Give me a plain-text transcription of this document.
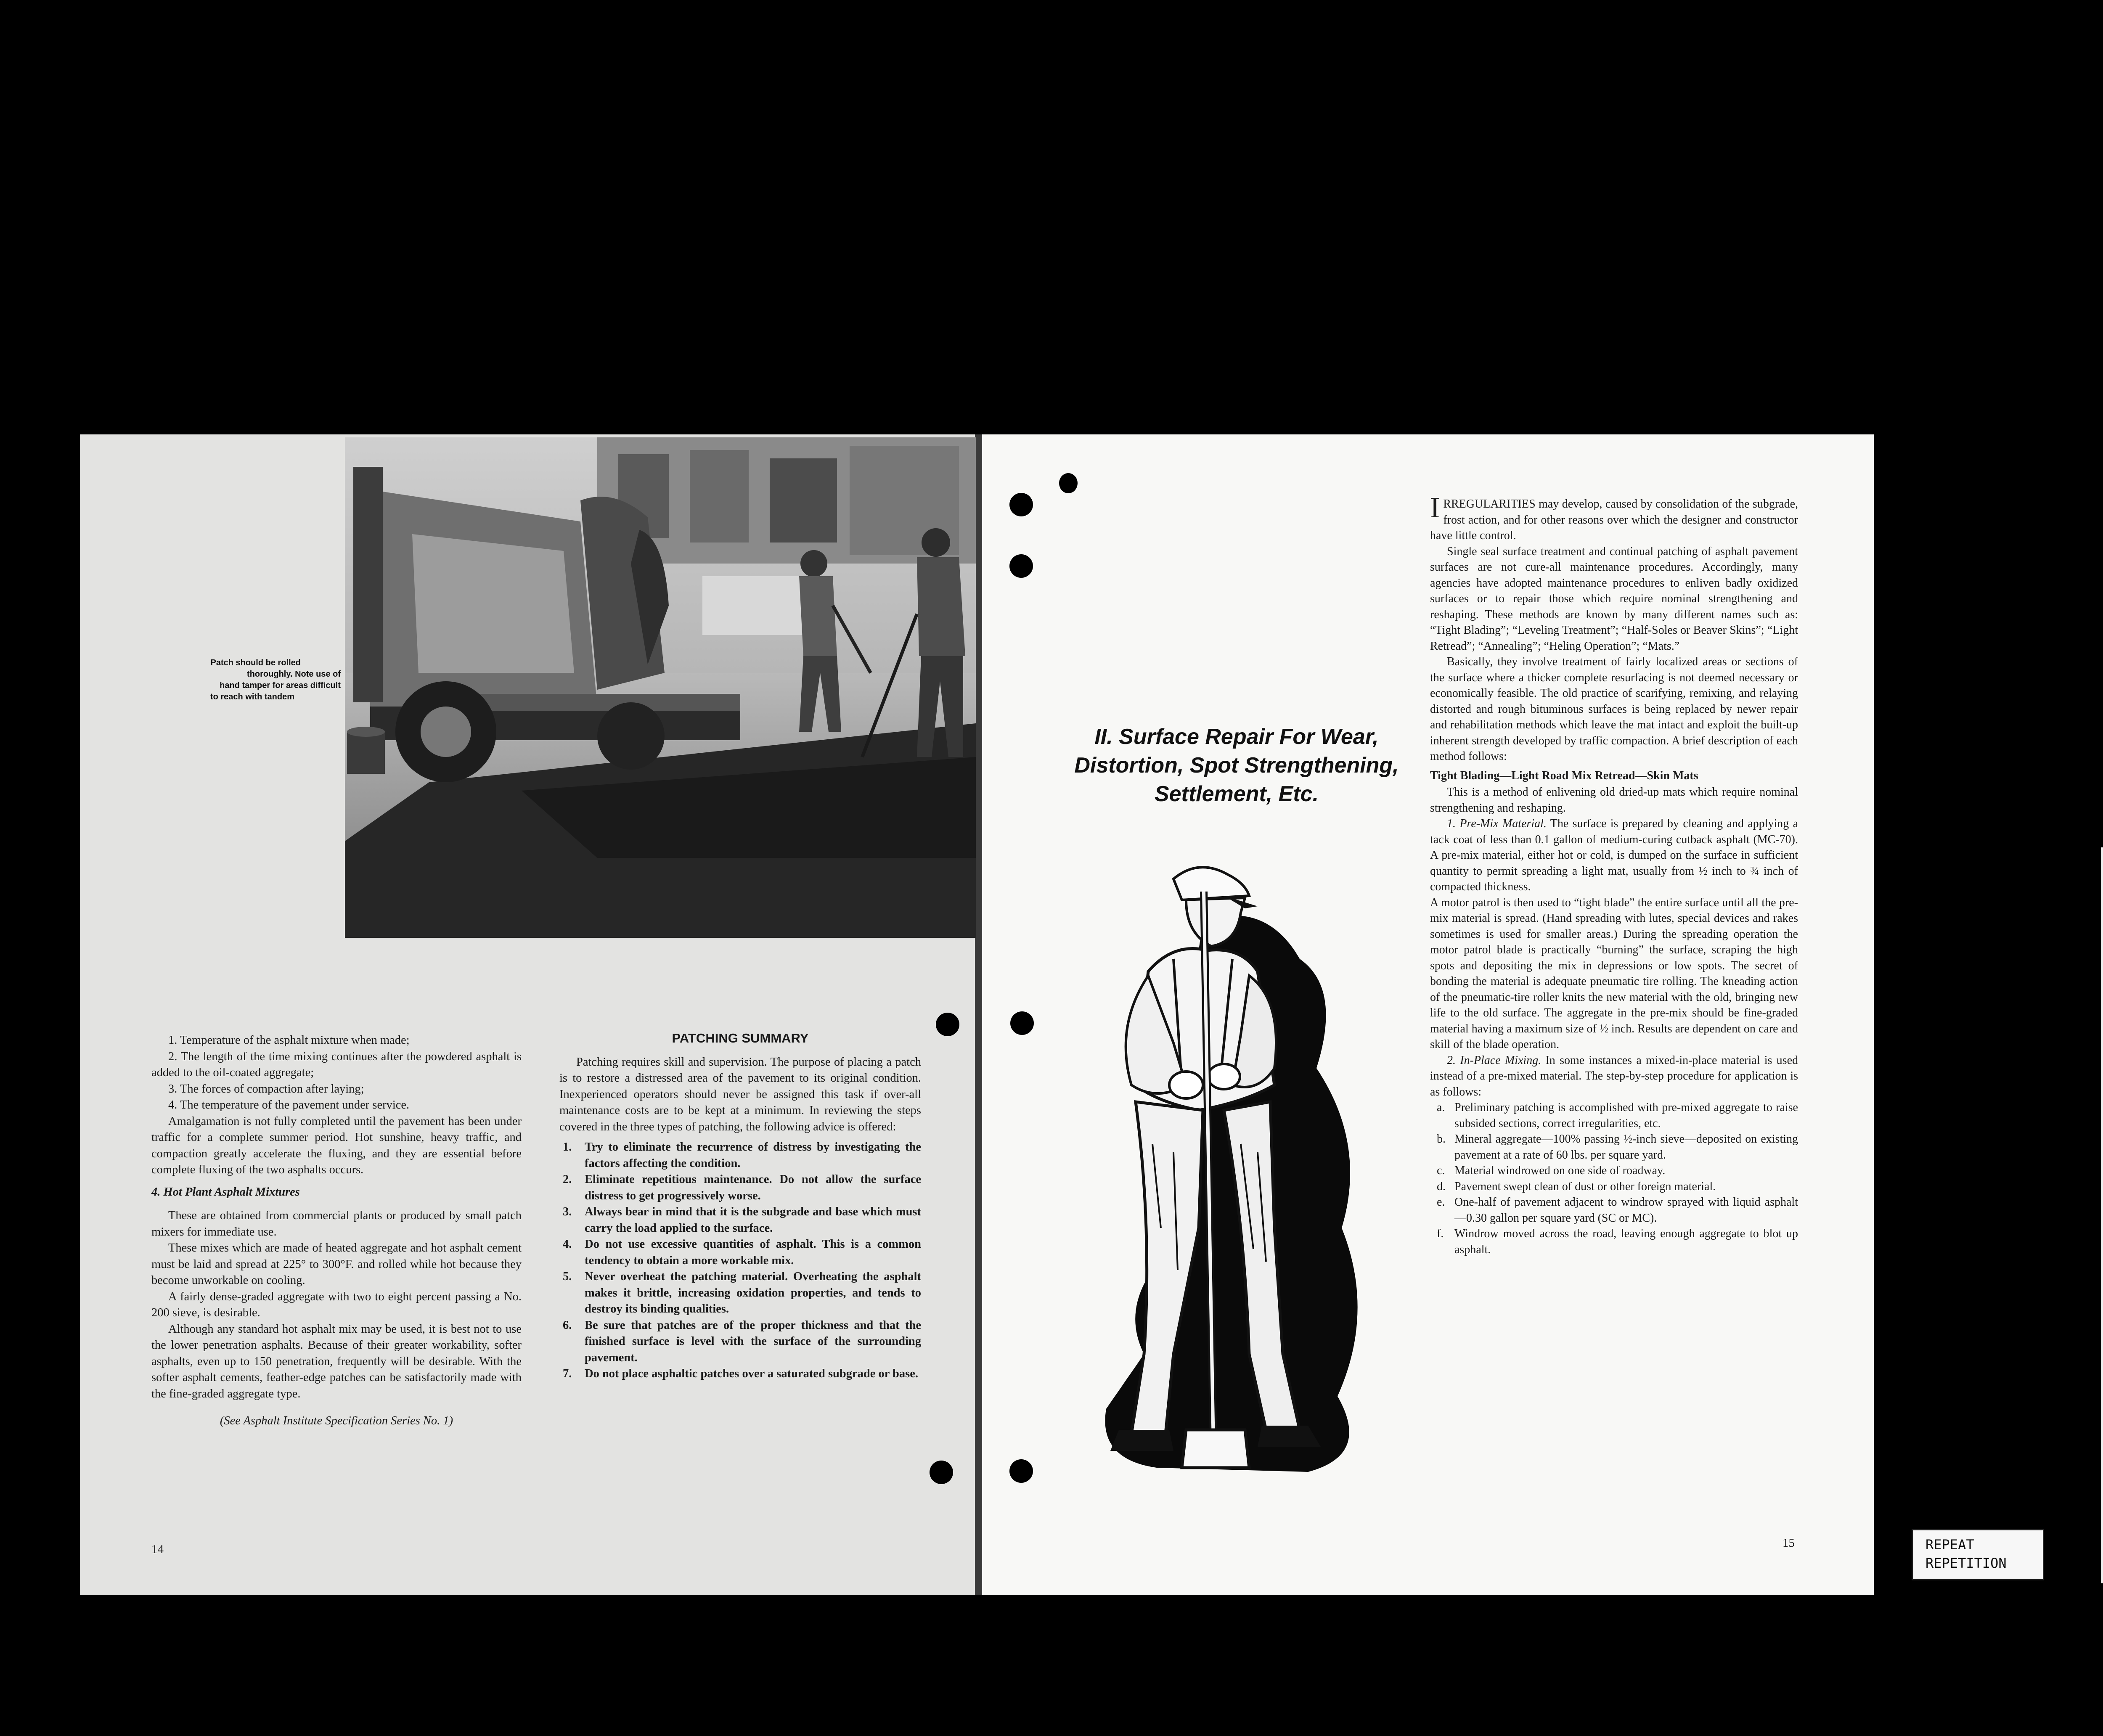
Patch should be rolled
thoroughly. Note use of
hand tamper for areas difficult
to reach with tandem

1. Temperature of the asphalt mixture when made;

2. The length of the time mixing continues after the powdered asphalt is added to the oil-coated aggregate;

3. The forces of compaction after laying;

4. The temperature of the pavement under service.

Amalgamation is not fully completed until the pavement has been under traffic for a complete summer period. Hot sunshine, heavy traffic, and compaction greatly accelerate the fluxing, and they are essential before complete fluxing of the two asphalts occurs.

4. Hot Plant Asphalt Mixtures

These are obtained from commercial plants or produced by small patch mixers for immediate use.

These mixes which are made of heated aggregate and hot asphalt cement must be laid and spread at 225° to 300°F. and rolled while hot because they become unworkable on cooling.

A fairly dense-graded aggregate with two to eight percent passing a No. 200 sieve, is desirable.

Although any standard hot asphalt mix may be used, it is best not to use the lower penetration asphalts. Because of their greater workability, softer asphalts, even up to 150 penetration, frequently will be desirable. With the softer asphalt cements, feather-edge patches can be satisfactorily made with the fine-graded aggregate type.

(See Asphalt Institute Specification Series No. 1)

PATCHING SUMMARY

Patching requires skill and supervision. The purpose of placing a patch is to restore a distressed area of the pavement to its original condition. Inexperienced operators should never be assigned this task if over-all maintenance costs are to be kept at a minimum. In reviewing the steps covered in the three types of patching, the following advice is offered:

1. Try to eliminate the recurrence of distress by investigating the factors affecting the condition.
2. Eliminate repetitious maintenance. Do not allow the surface distress to get progressively worse.
3. Always bear in mind that it is the subgrade and base which must carry the load applied to the surface.
4. Do not use excessive quantities of asphalt. This is a common tendency to obtain a more workable mix.
5. Never overheat the patching material. Overheating the asphalt makes it brittle, increasing oxidation properties, and tends to destroy its binding qualities.
6. Be sure that patches are of the proper thickness and that the finished surface is level with the surface of the surrounding pavement.
7. Do not place asphaltic patches over a saturated subgrade or base.
14
II. Surface Repair For Wear,
Distortion, Spot Strengthening,
Settlement, Etc.

IRREGULARITIES may develop, caused by consolidation of the subgrade, frost action, and for other reasons over which the designer and constructor have little control.

Single seal surface treatment and continual patching of asphalt pavement surfaces are not cure-all maintenance procedures. Accordingly, many agencies have adopted maintenance procedures to enliven badly oxidized surfaces or to repair those which require nominal strengthening and reshaping. These methods are known by many different names such as: “Tight Blading”; “Leveling Treatment”; “Half-Soles or Beaver Skins”; “Light Retread”; “Annealing”; “Heling Operation”; “Mats.”

Basically, they involve treatment of fairly localized areas or sections of the surface where a thicker complete resurfacing is not deemed necessary or economically feasible. The old practice of scarifying, remixing, and relaying distorted and rough bituminous surfaces is being replaced by newer repair and rehabilitation methods which leave the mat intact and exploit the built-up inherent strength developed by traffic compaction. A brief description of each method follows:

Tight Blading—Light Road Mix Retread—Skin Mats

This is a method of enlivening old dried-up mats which require nominal strengthening and reshaping.

1. Pre-Mix Material. The surface is prepared by cleaning and applying a tack coat of less than 0.1 gallon of medium-curing cutback asphalt (MC-70). A pre-mix material, either hot or cold, is dumped on the surface in sufficient quantity to permit spreading a light mat, usually from ½ inch to ¾ inch of compacted thickness.

A motor patrol is then used to “tight blade” the entire surface until all the pre-mix material is spread. (Hand spreading with lutes, special devices and rakes sometimes is used for smaller areas.) During the spreading operation the motor patrol blade is practically “burning” the surface, scraping the high spots and depositing the mix in depressions or low spots. The secret of bonding the material is adequate pneumatic tire rolling. The kneading action of the pneumatic-tire roller knits the new material with the old, bringing new life to the old surface. The aggregate in the pre-mix should be fine-graded material having a maximum size of ½ inch. Results are dependent on care and skill of the blade operation.

2. In-Place Mixing. In some instances a mixed-in-place material is used instead of a pre-mixed material. The step-by-step procedure for application is as follows:

a. Preliminary patching is accomplished with pre-mixed aggregate to raise subsided sections, correct irregularities, etc.
b. Mineral aggregate—100% passing ½-inch sieve—deposited on existing pavement at a rate of 60 lbs. per square yard.
c. Material windrowed on one side of roadway.
d. Pavement swept clean of dust or other foreign material.
e. One-half of pavement adjacent to windrow sprayed with liquid asphalt—0.30 gallon per square yard (SC or MC).
f. Windrow moved across the road, leaving enough aggregate to blot up asphalt.
15	REPEAT
REPETITION
